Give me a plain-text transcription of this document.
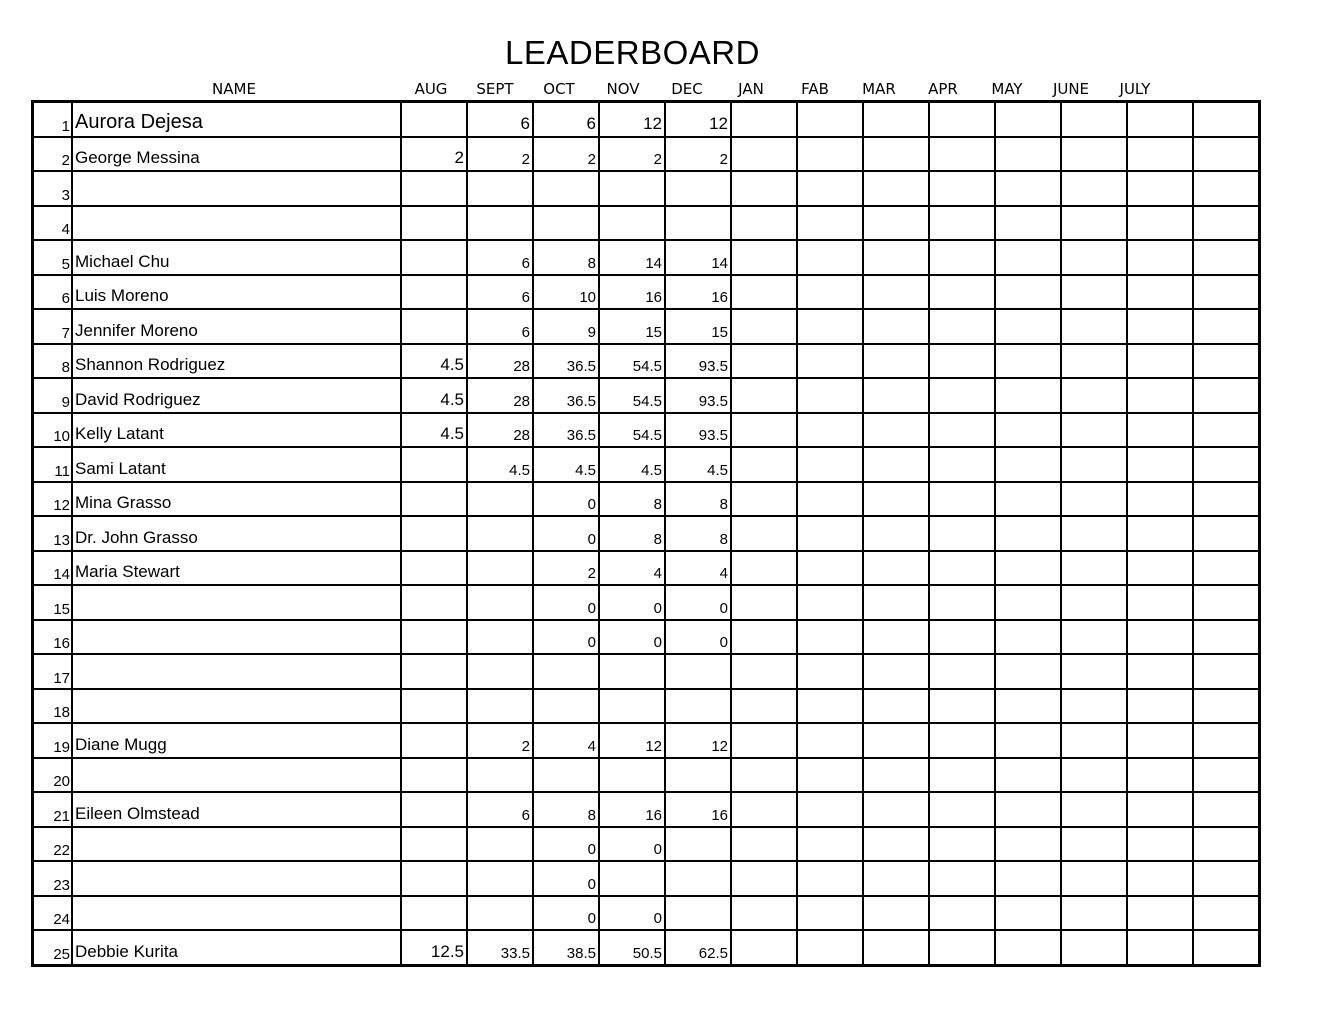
LEADERBOARD
NAME	AUG	SEPT	OCT	NOV	DEC	JAN	FAB	MAR	APR	MAY	JUNE	JULY
1	Aurora Dejesa		6	6	12	12								
2	George Messina	2	2	2	2	2								
3														
4														
5	Michael Chu		6	8	14	14								
6	Luis Moreno		6	10	16	16								
7	Jennifer Moreno		6	9	15	15								
8	Shannon Rodriguez	4.5	28	36.5	54.5	93.5								
9	David Rodriguez	4.5	28	36.5	54.5	93.5								
10	Kelly Latant	4.5	28	36.5	54.5	93.5								
11	Sami Latant		4.5	4.5	4.5	4.5								
12	Mina Grasso			0	8	8								
13	Dr. John Grasso			0	8	8								
14	Maria Stewart			2	4	4								
15				0	0	0								
16				0	0	0								
17														
18														
19	Diane Mugg		2	4	12	12								
20														
21	Eileen Olmstead		6	8	16	16								
22				0	0									
23				0										
24				0	0									
25	Debbie Kurita	12.5	33.5	38.5	50.5	62.5								
